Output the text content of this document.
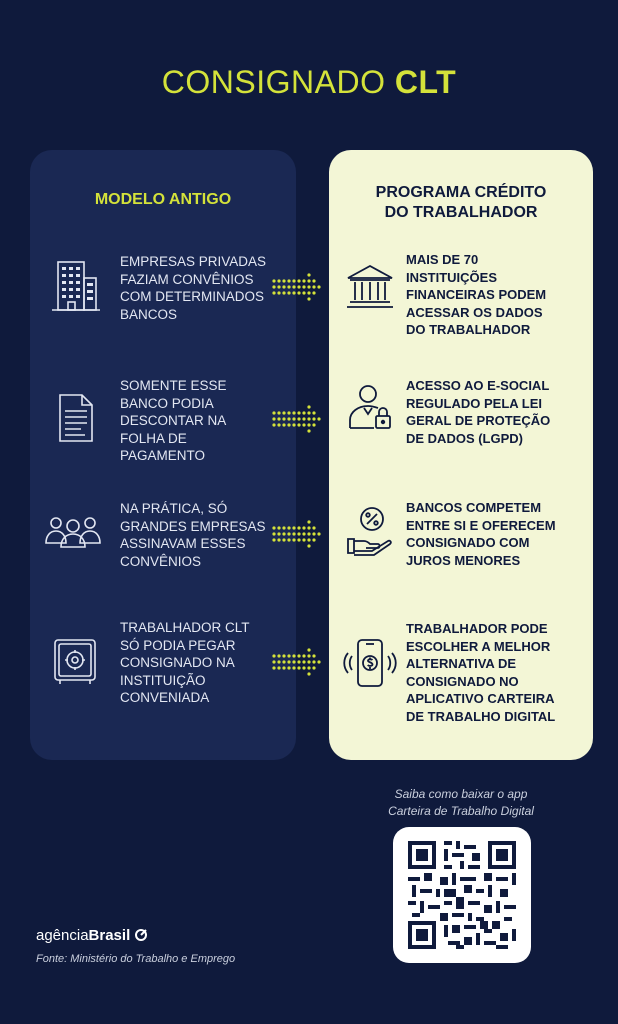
CONSIGNADO CLT
MODELO ANTIGO	PROGRAMA CRÉDITO
DO TRABALHADOR
EMPRESAS PRIVADAS
FAZIAM CONVÊNIOS
COM DETERMINADOS
BANCOS
SOMENTE ESSE
BANCO PODIA
DESCONTAR NA
FOLHA DE
PAGAMENTO
NA PRÁTICA, SÓ
GRANDES EMPRESAS
ASSINAVAM ESSES
CONVÊNIOS
TRABALHADOR CLT
SÓ PODIA PEGAR
CONSIGNADO NA
INSTITUIÇÃO
CONVENIADA
MAIS DE 70
INSTITUIÇÕES
FINANCEIRAS PODEM
ACESSAR OS DADOS
DO TRABALHADOR
ACESSO AO E-SOCIAL
REGULADO PELA LEI
GERAL DE PROTEÇÃO
DE DADOS (LGPD)
BANCOS COMPETEM
ENTRE SI E OFERECEM
CONSIGNADO COM
JUROS MENORES
TRABALHADOR PODE
ESCOLHER A MELHOR
ALTERNATIVA DE
CONSIGNADO NO
APLICATIVO CARTEIRA
DE TRABALHO DIGITAL
Saiba como baixar o app
Carteira de Trabalho Digital
agênciaBrasil
Fonte: Ministério do Trabalho e Emprego
